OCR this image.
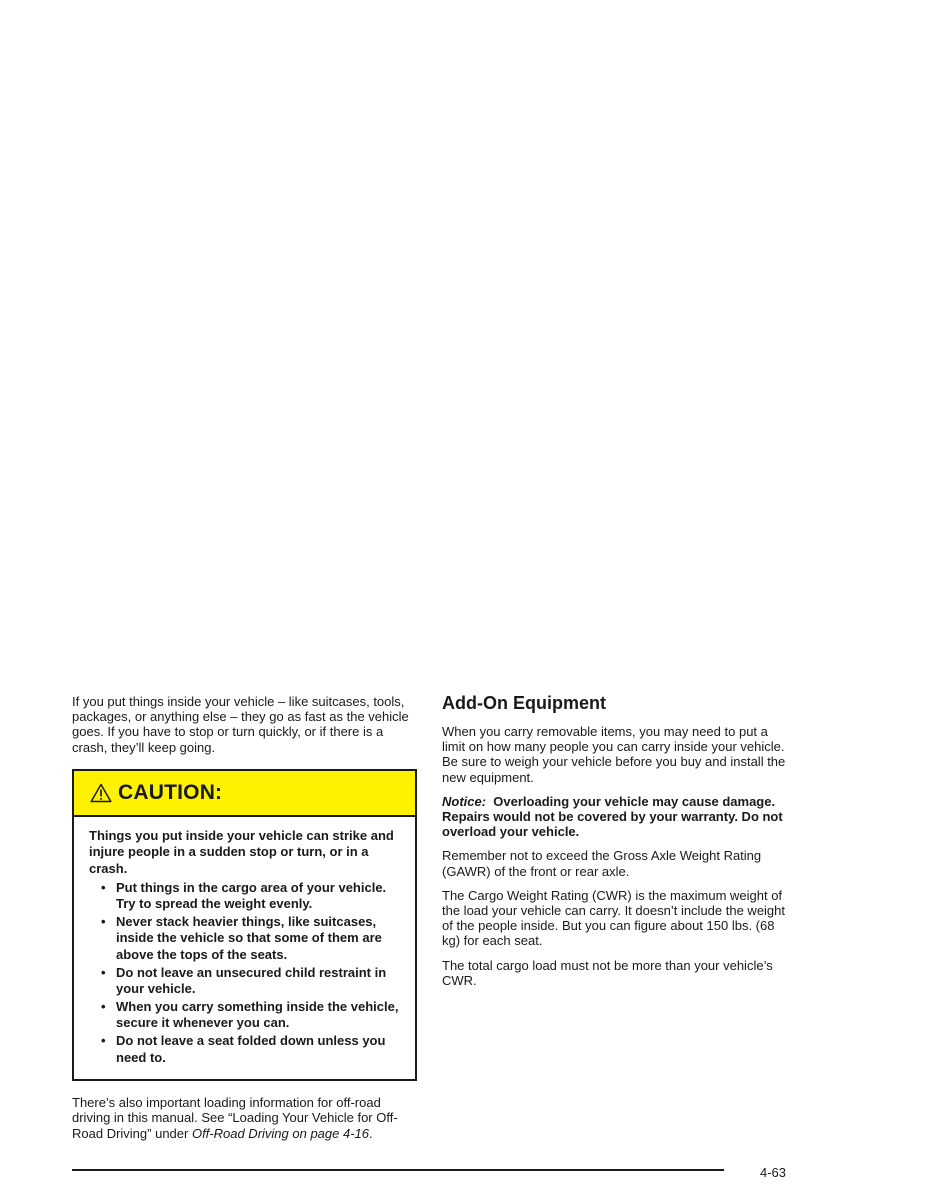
If you put things inside your vehicle – like suitcases, tools, packages, or anything else – they go as fast as the vehicle goes. If you have to stop or turn quickly, or if there is a crash, they’ll keep going.

CAUTION:

Things you put inside your vehicle can strike and injure people in a sudden stop or turn, or in a crash.

• Put things in the cargo area of your vehicle. Try to spread the weight evenly.
• Never stack heavier things, like suitcases, inside the vehicle so that some of them are above the tops of the seats.
• Do not leave an unsecured child restraint in your vehicle.
• When you carry something inside the vehicle, secure it whenever you can.
• Do not leave a seat folded down unless you need to.

There’s also important loading information for off-road driving in this manual. See “Loading Your Vehicle for Off-Road Driving” under Off-Road Driving on page 4-16.

Add-On Equipment

When you carry removable items, you may need to put a limit on how many people you can carry inside your vehicle. Be sure to weigh your vehicle before you buy and install the new equipment.

Notice: Overloading your vehicle may cause damage. Repairs would not be covered by your warranty. Do not overload your vehicle.

Remember not to exceed the Gross Axle Weight Rating (GAWR) of the front or rear axle.

The Cargo Weight Rating (CWR) is the maximum weight of the load your vehicle can carry. It doesn’t include the weight of the people inside. But you can figure about 150 lbs. (68 kg) for each seat.

The total cargo load must not be more than your vehicle’s CWR.

4-63
